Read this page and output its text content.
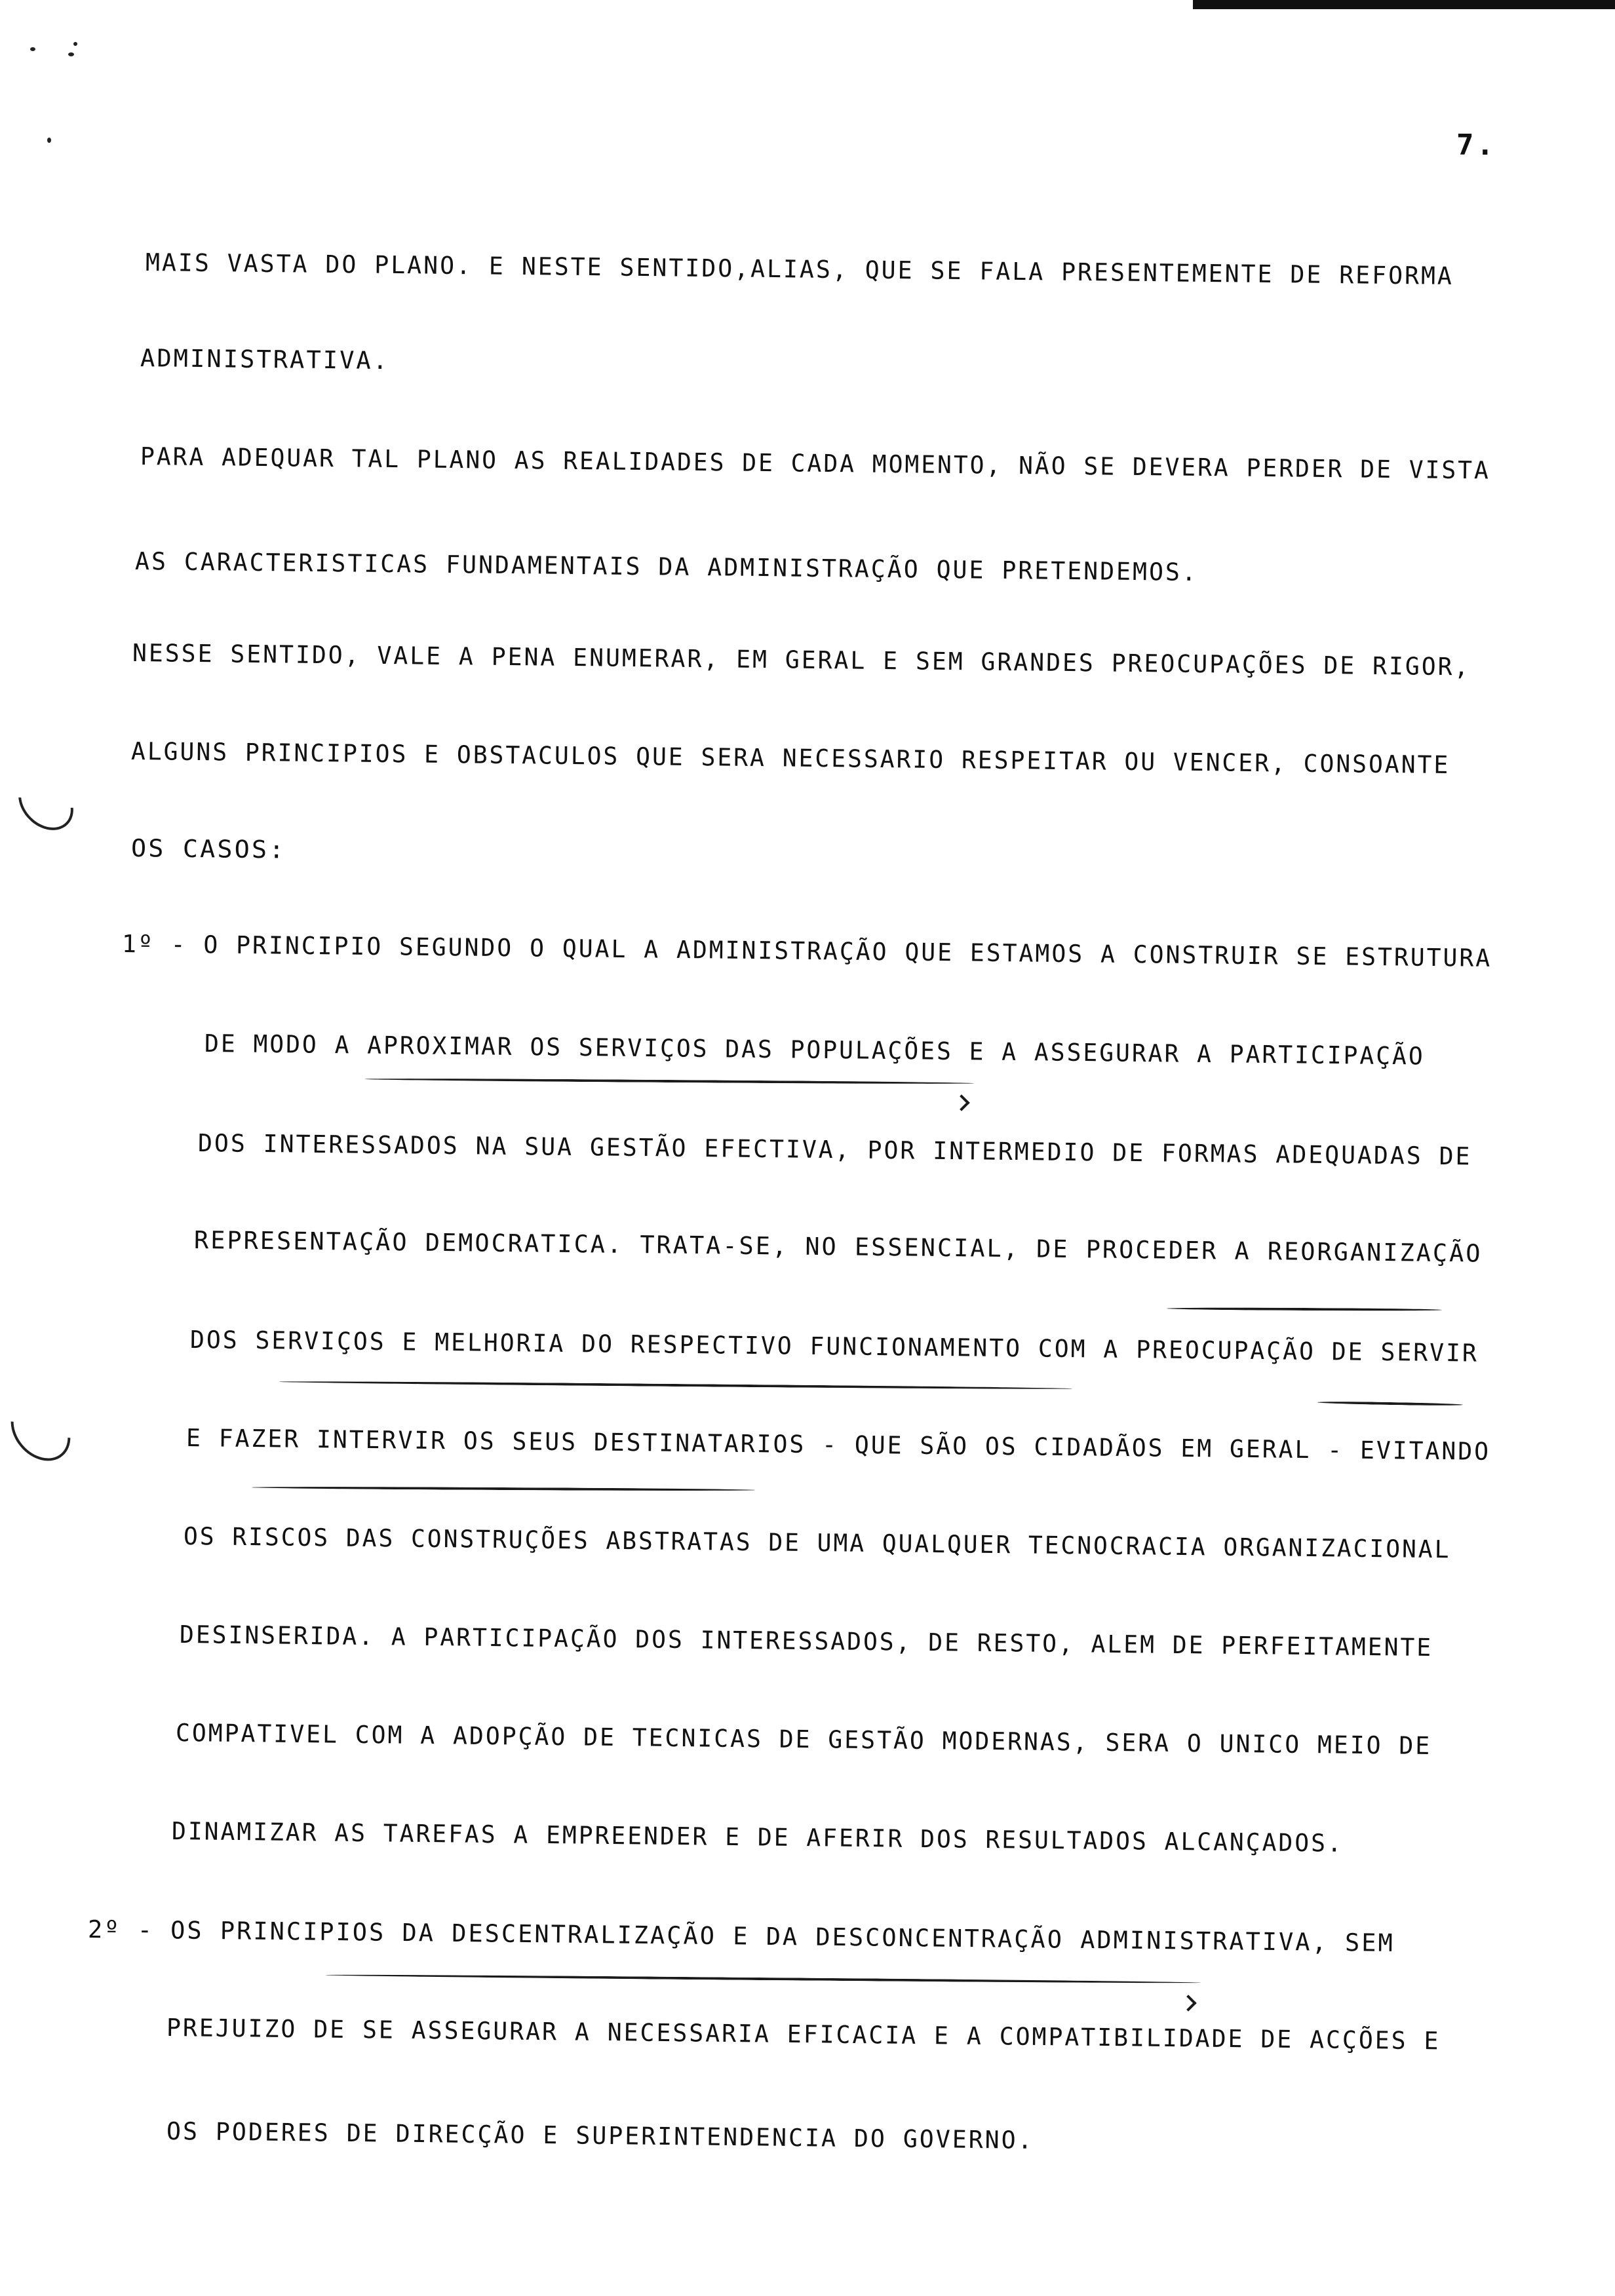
7.
MAIS VASTA DO PLANO. E NESTE SENTIDO,ALIAS, QUE SE FALA PRESENTEMENTE DE REFORMA
ADMINISTRATIVA.
PARA ADEQUAR TAL PLANO AS REALIDADES DE CADA MOMENTO, NÃO SE DEVERA PERDER DE VISTA
AS CARACTERISTICAS FUNDAMENTAIS DA ADMINISTRAÇÃO QUE PRETENDEMOS.
NESSE SENTIDO, VALE A PENA ENUMERAR, EM GERAL E SEM GRANDES PREOCUPAÇÕES DE RIGOR,
ALGUNS PRINCIPIOS E OBSTACULOS QUE SERA NECESSARIO RESPEITAR OU VENCER, CONSOANTE
OS CASOS:
1º - O PRINCIPIO SEGUNDO O QUAL A ADMINISTRAÇÃO QUE ESTAMOS A CONSTRUIR SE ESTRUTURA
DE MODO A APROXIMAR OS SERVIÇOS DAS POPULAÇÕES E A ASSEGURAR A PARTICIPAÇÃO
DOS INTERESSADOS NA SUA GESTÃO EFECTIVA, POR INTERMEDIO DE FORMAS ADEQUADAS DE
REPRESENTAÇÃO DEMOCRATICA. TRATA-SE, NO ESSENCIAL, DE PROCEDER A REORGANIZAÇÃO
DOS SERVIÇOS E MELHORIA DO RESPECTIVO FUNCIONAMENTO COM A PREOCUPAÇÃO DE SERVIR
E FAZER INTERVIR OS SEUS DESTINATARIOS - QUE SÃO OS CIDADÃOS EM GERAL - EVITANDO
OS RISCOS DAS CONSTRUÇÕES ABSTRATAS DE UMA QUALQUER TECNOCRACIA ORGANIZACIONAL
DESINSERIDA. A PARTICIPAÇÃO DOS INTERESSADOS, DE RESTO, ALEM DE PERFEITAMENTE
COMPATIVEL COM A ADOPÇÃO DE TECNICAS DE GESTÃO MODERNAS, SERA O UNICO MEIO DE
DINAMIZAR AS TAREFAS A EMPREENDER E DE AFERIR DOS RESULTADOS ALCANÇADOS.
2º - OS PRINCIPIOS DA DESCENTRALIZAÇÃO E DA DESCONCENTRAÇÃO ADMINISTRATIVA, SEM
PREJUIZO DE SE ASSEGURAR A NECESSARIA EFICACIA E A COMPATIBILIDADE DE ACÇÕES E
OS PODERES DE DIRECÇÃO E SUPERINTENDENCIA DO GOVERNO.
